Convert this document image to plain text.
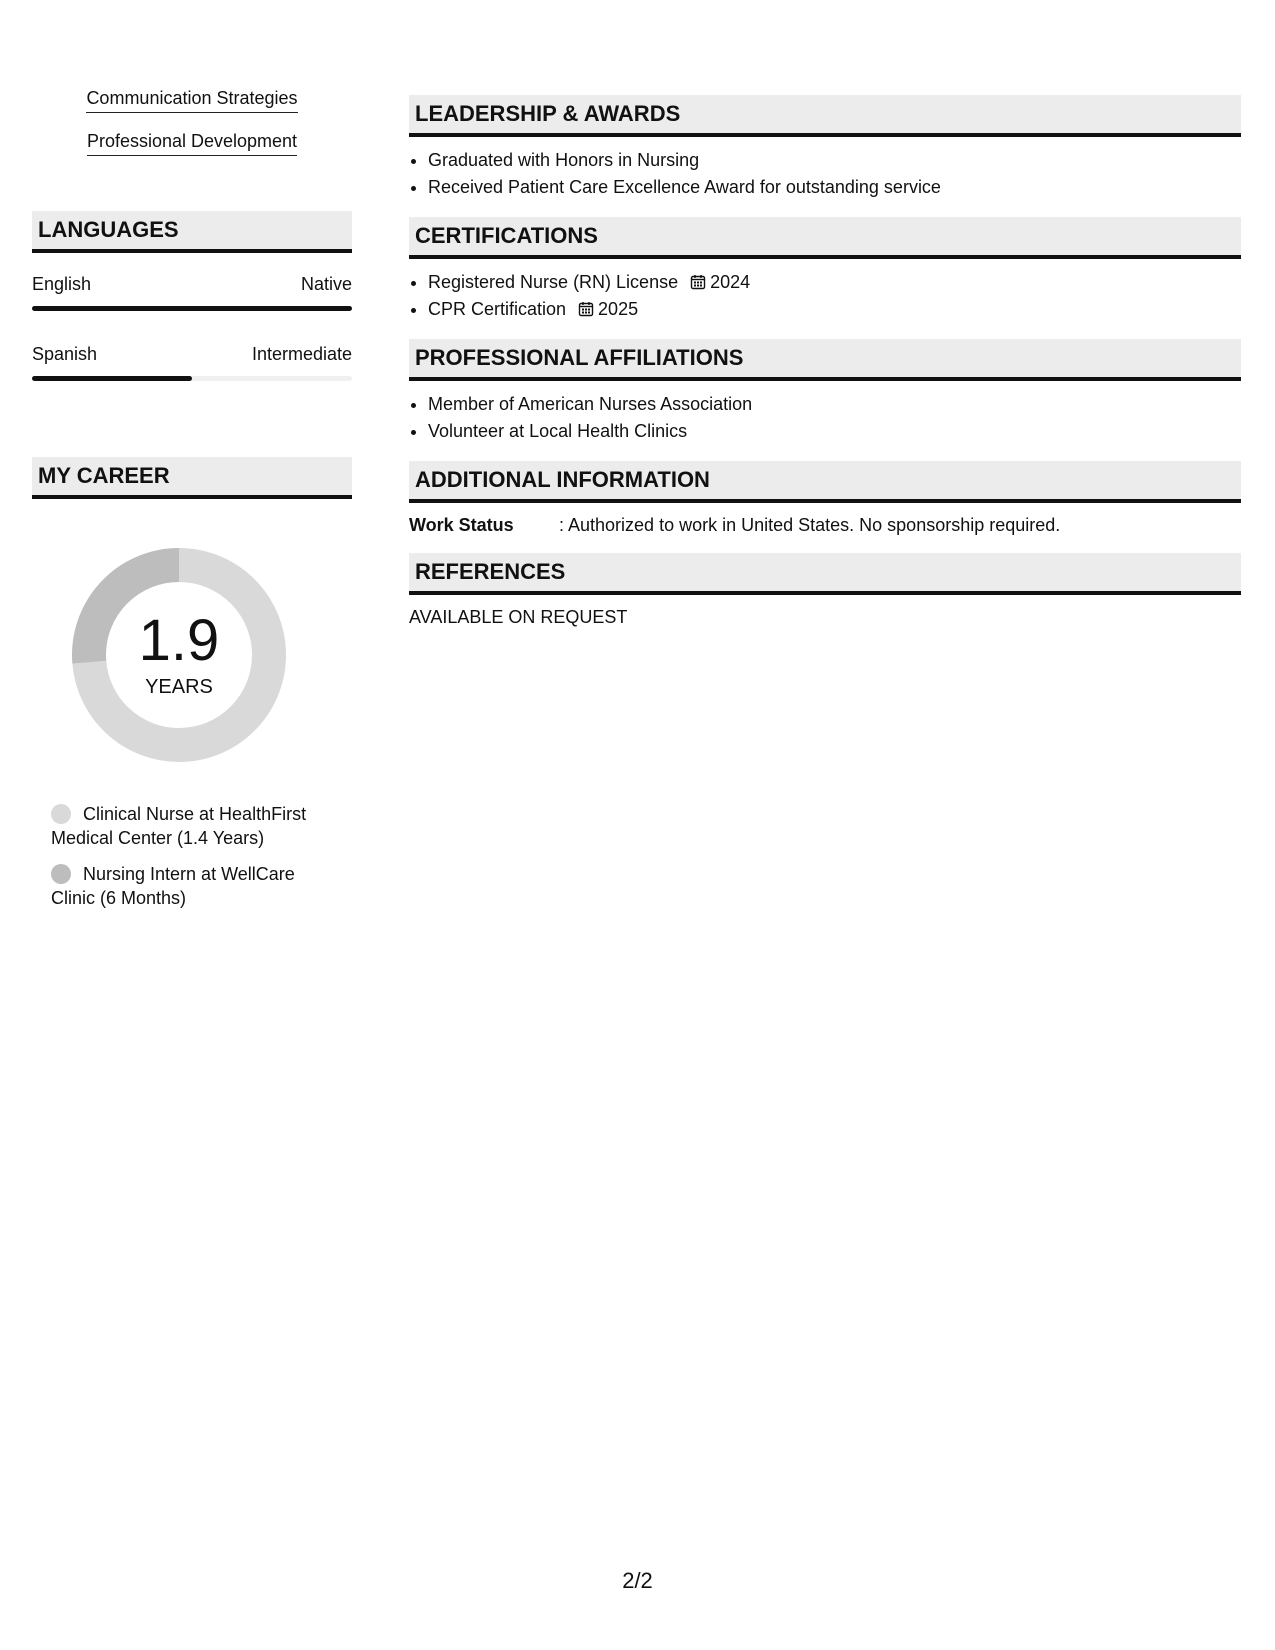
Communication Strategies
Professional Development
LANGUAGES
English	Native
Spanish	Intermediate
MY CAREER
1.9
YEARS
Clinical Nurse at HealthFirst Medical Center (1.4 Years)
Nursing Intern at WellCare Clinic (6 Months)
LEADERSHIP & AWARDS
• Graduated with Honors in Nursing
• Received Patient Care Excellence Award for outstanding service
CERTIFICATIONS
• Registered Nurse (RN) License 2024
• CPR Certification 2025
PROFESSIONAL AFFILIATIONS
• Member of American Nurses Association
• Volunteer at Local Health Clinics
ADDITIONAL INFORMATION
Work Status	: Authorized to work in United States. No sponsorship required.
REFERENCES
AVAILABLE ON REQUEST
2/2
